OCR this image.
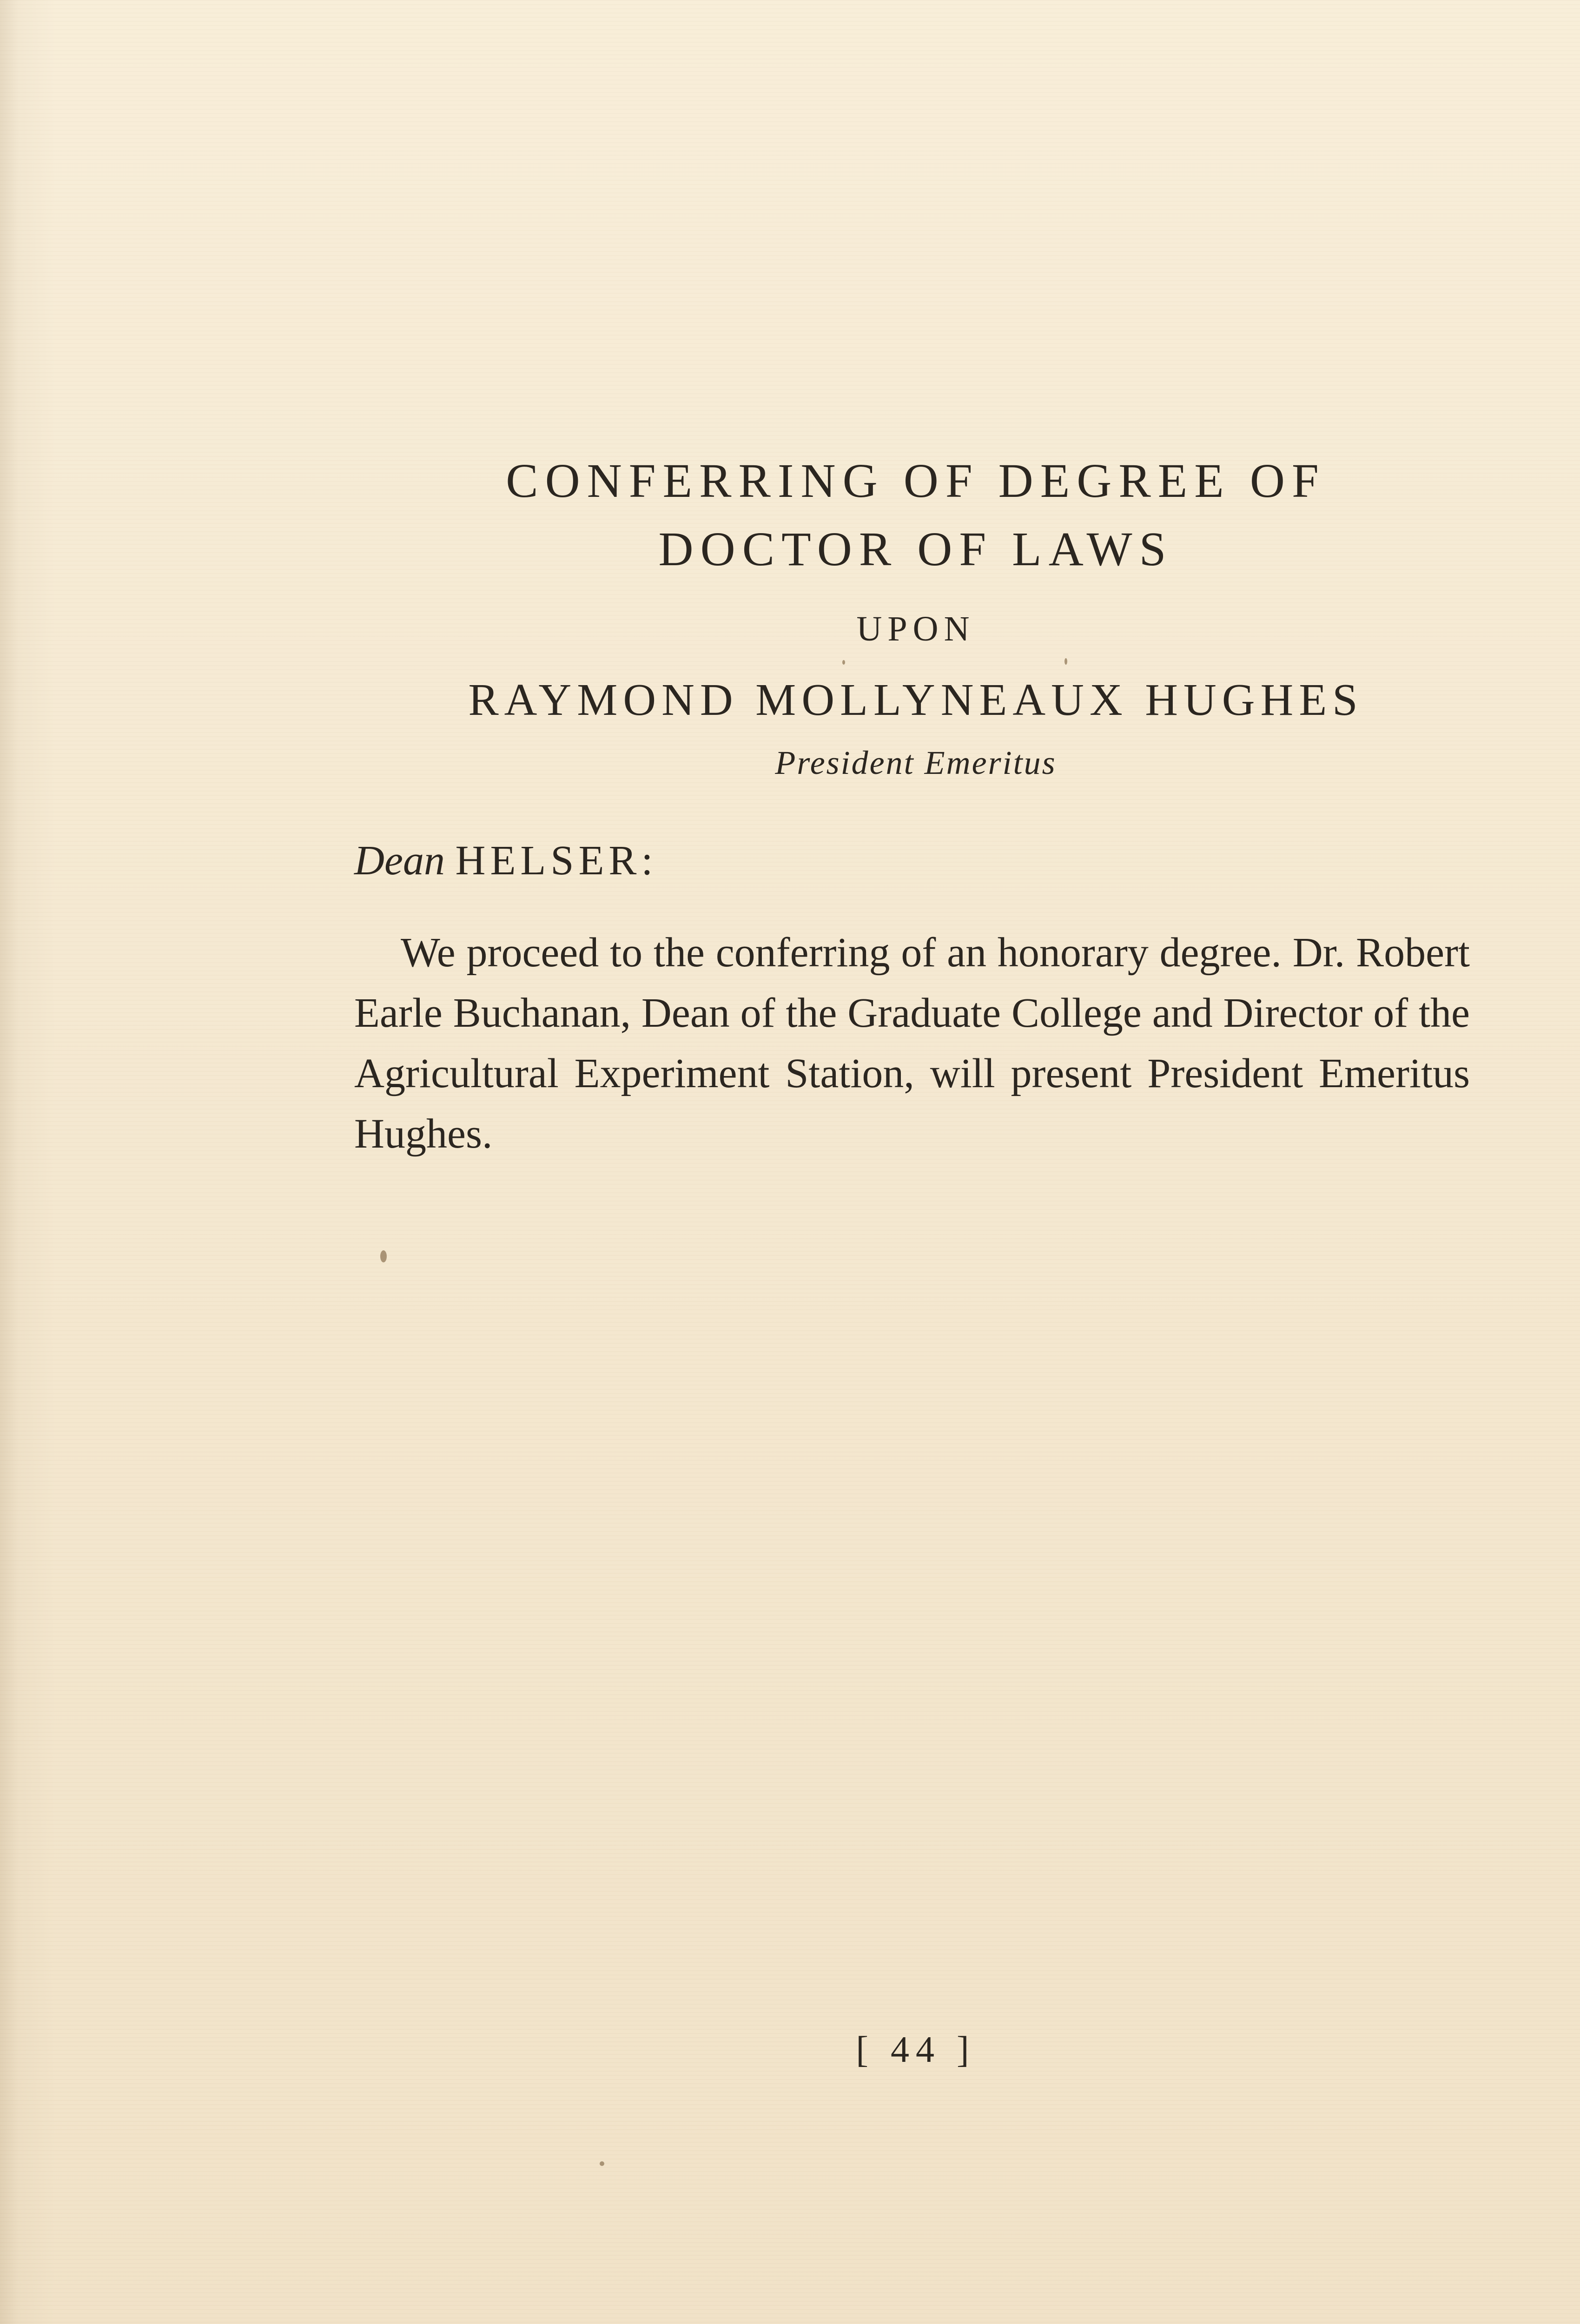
CONFERRING OF DEGREE OF
DOCTOR OF LAWS
UPON
RAYMOND MOLLYNEAUX HUGHES
President Emeritus
Dean HELSER:
We proceed to the conferring of an honorary degree. Dr. Robert Earle Buchanan, Dean of the Graduate College and Director of the Agricultural Experiment Station, will present President Emeritus Hughes.
[ 44 ]
